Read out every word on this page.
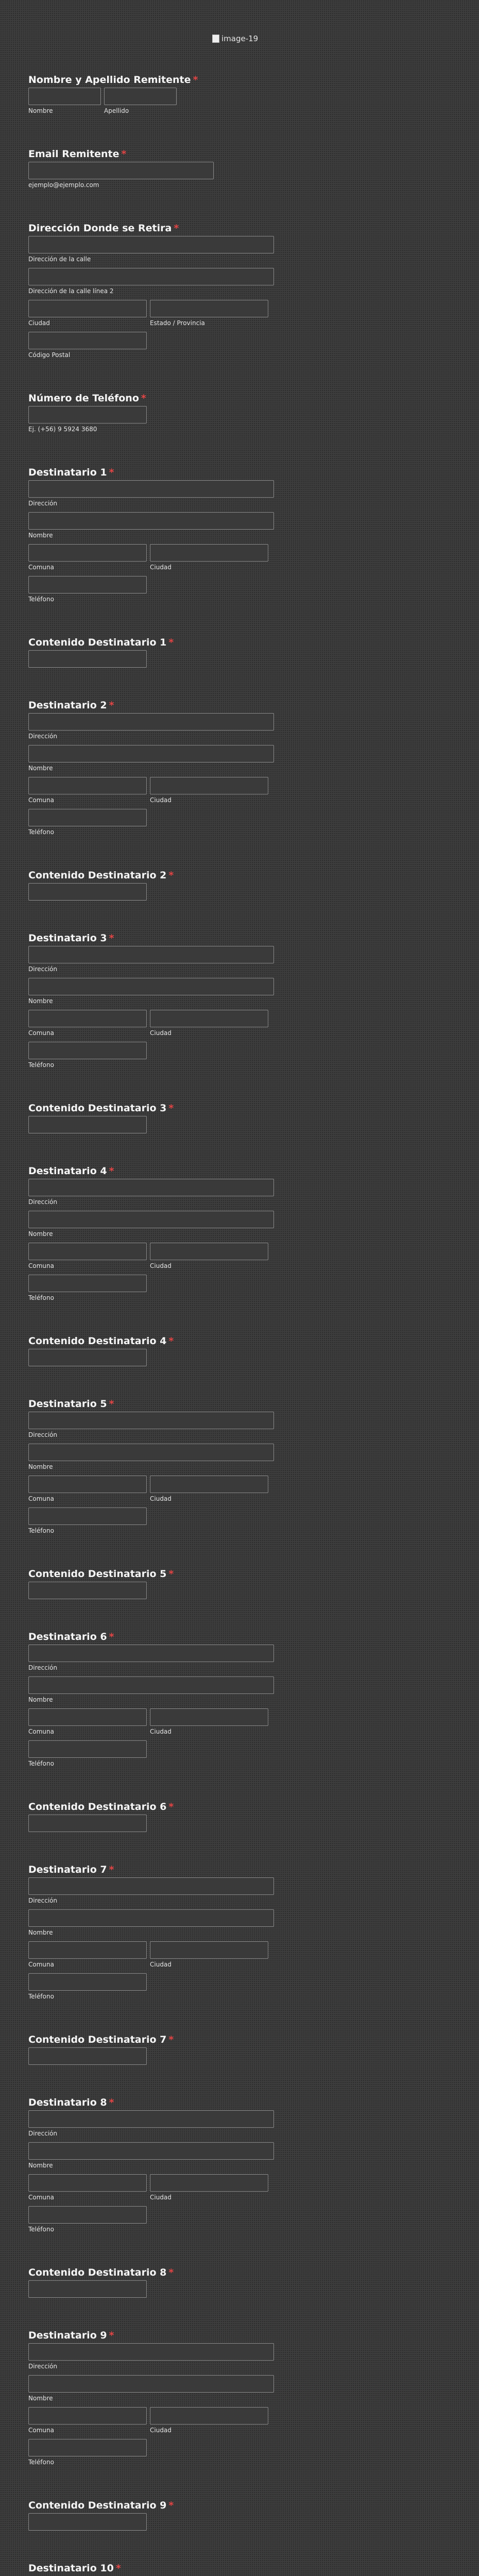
image-19
Nombre y Apellido Remitente *
Nombre	Apellido
Email Remitente *
ejemplo@ejemplo.com
Dirección Donde se Retira *
Dirección de la calle
Dirección de la calle línea 2
Ciudad	Estado / Provincia
Código Postal
Número de Teléfono *
Ej. (+56) 9 5924 3680
Destinatario 1 *
Dirección
Nombre
Comuna	Ciudad
Teléfono
Contenido Destinatario 1 *
Destinatario 2 *
Dirección
Nombre
Comuna	Ciudad
Teléfono
Contenido Destinatario 2 *
Destinatario 3 *
Dirección
Nombre
Comuna	Ciudad
Teléfono
Contenido Destinatario 3 *
Destinatario 4 *
Dirección
Nombre
Comuna	Ciudad
Teléfono
Contenido Destinatario 4 *
Destinatario 5 *
Dirección
Nombre
Comuna	Ciudad
Teléfono
Contenido Destinatario 5 *
Destinatario 6 *
Dirección
Nombre
Comuna	Ciudad
Teléfono
Contenido Destinatario 6 *
Destinatario 7 *
Dirección
Nombre
Comuna	Ciudad
Teléfono
Contenido Destinatario 7 *
Destinatario 8 *
Dirección
Nombre
Comuna	Ciudad
Teléfono
Contenido Destinatario 8 *
Destinatario 9 *
Dirección
Nombre
Comuna	Ciudad
Teléfono
Contenido Destinatario 9 *
Destinatario 10 *
